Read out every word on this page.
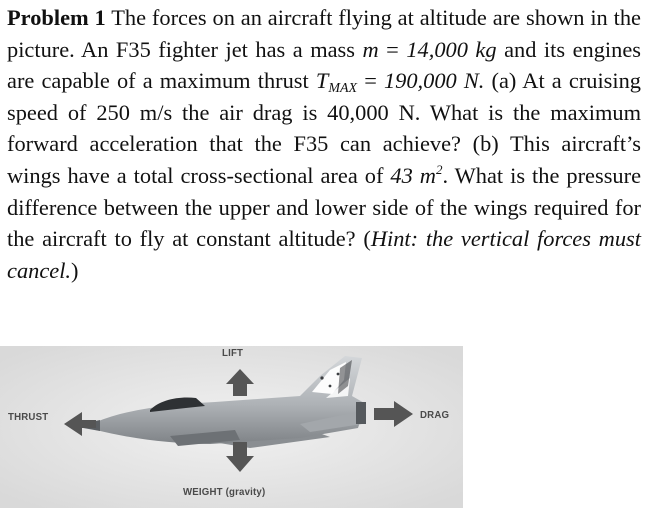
Problem 1 The forces on an aircraft flying at altitude are shown in the picture. An F35 fighter jet has a mass m = 14,000 kg and its engines are capable of a maximum thrust $T_{MAX} = 190,000$ N. (a) At a cruising speed of 250 m/s the air drag is 40,000 N. What is the maximum forward acceleration that the F35 can achieve? (b) This aircraft’s wings have a total cross-sectional area of 43 $m^2$. What is the pressure difference between the upper and lower side of the wings required for the aircraft to fly at constant altitude? (Hint: the vertical forces must cancel.)
LIFT
THRUST	DRAG
WEIGHT (gravity)
